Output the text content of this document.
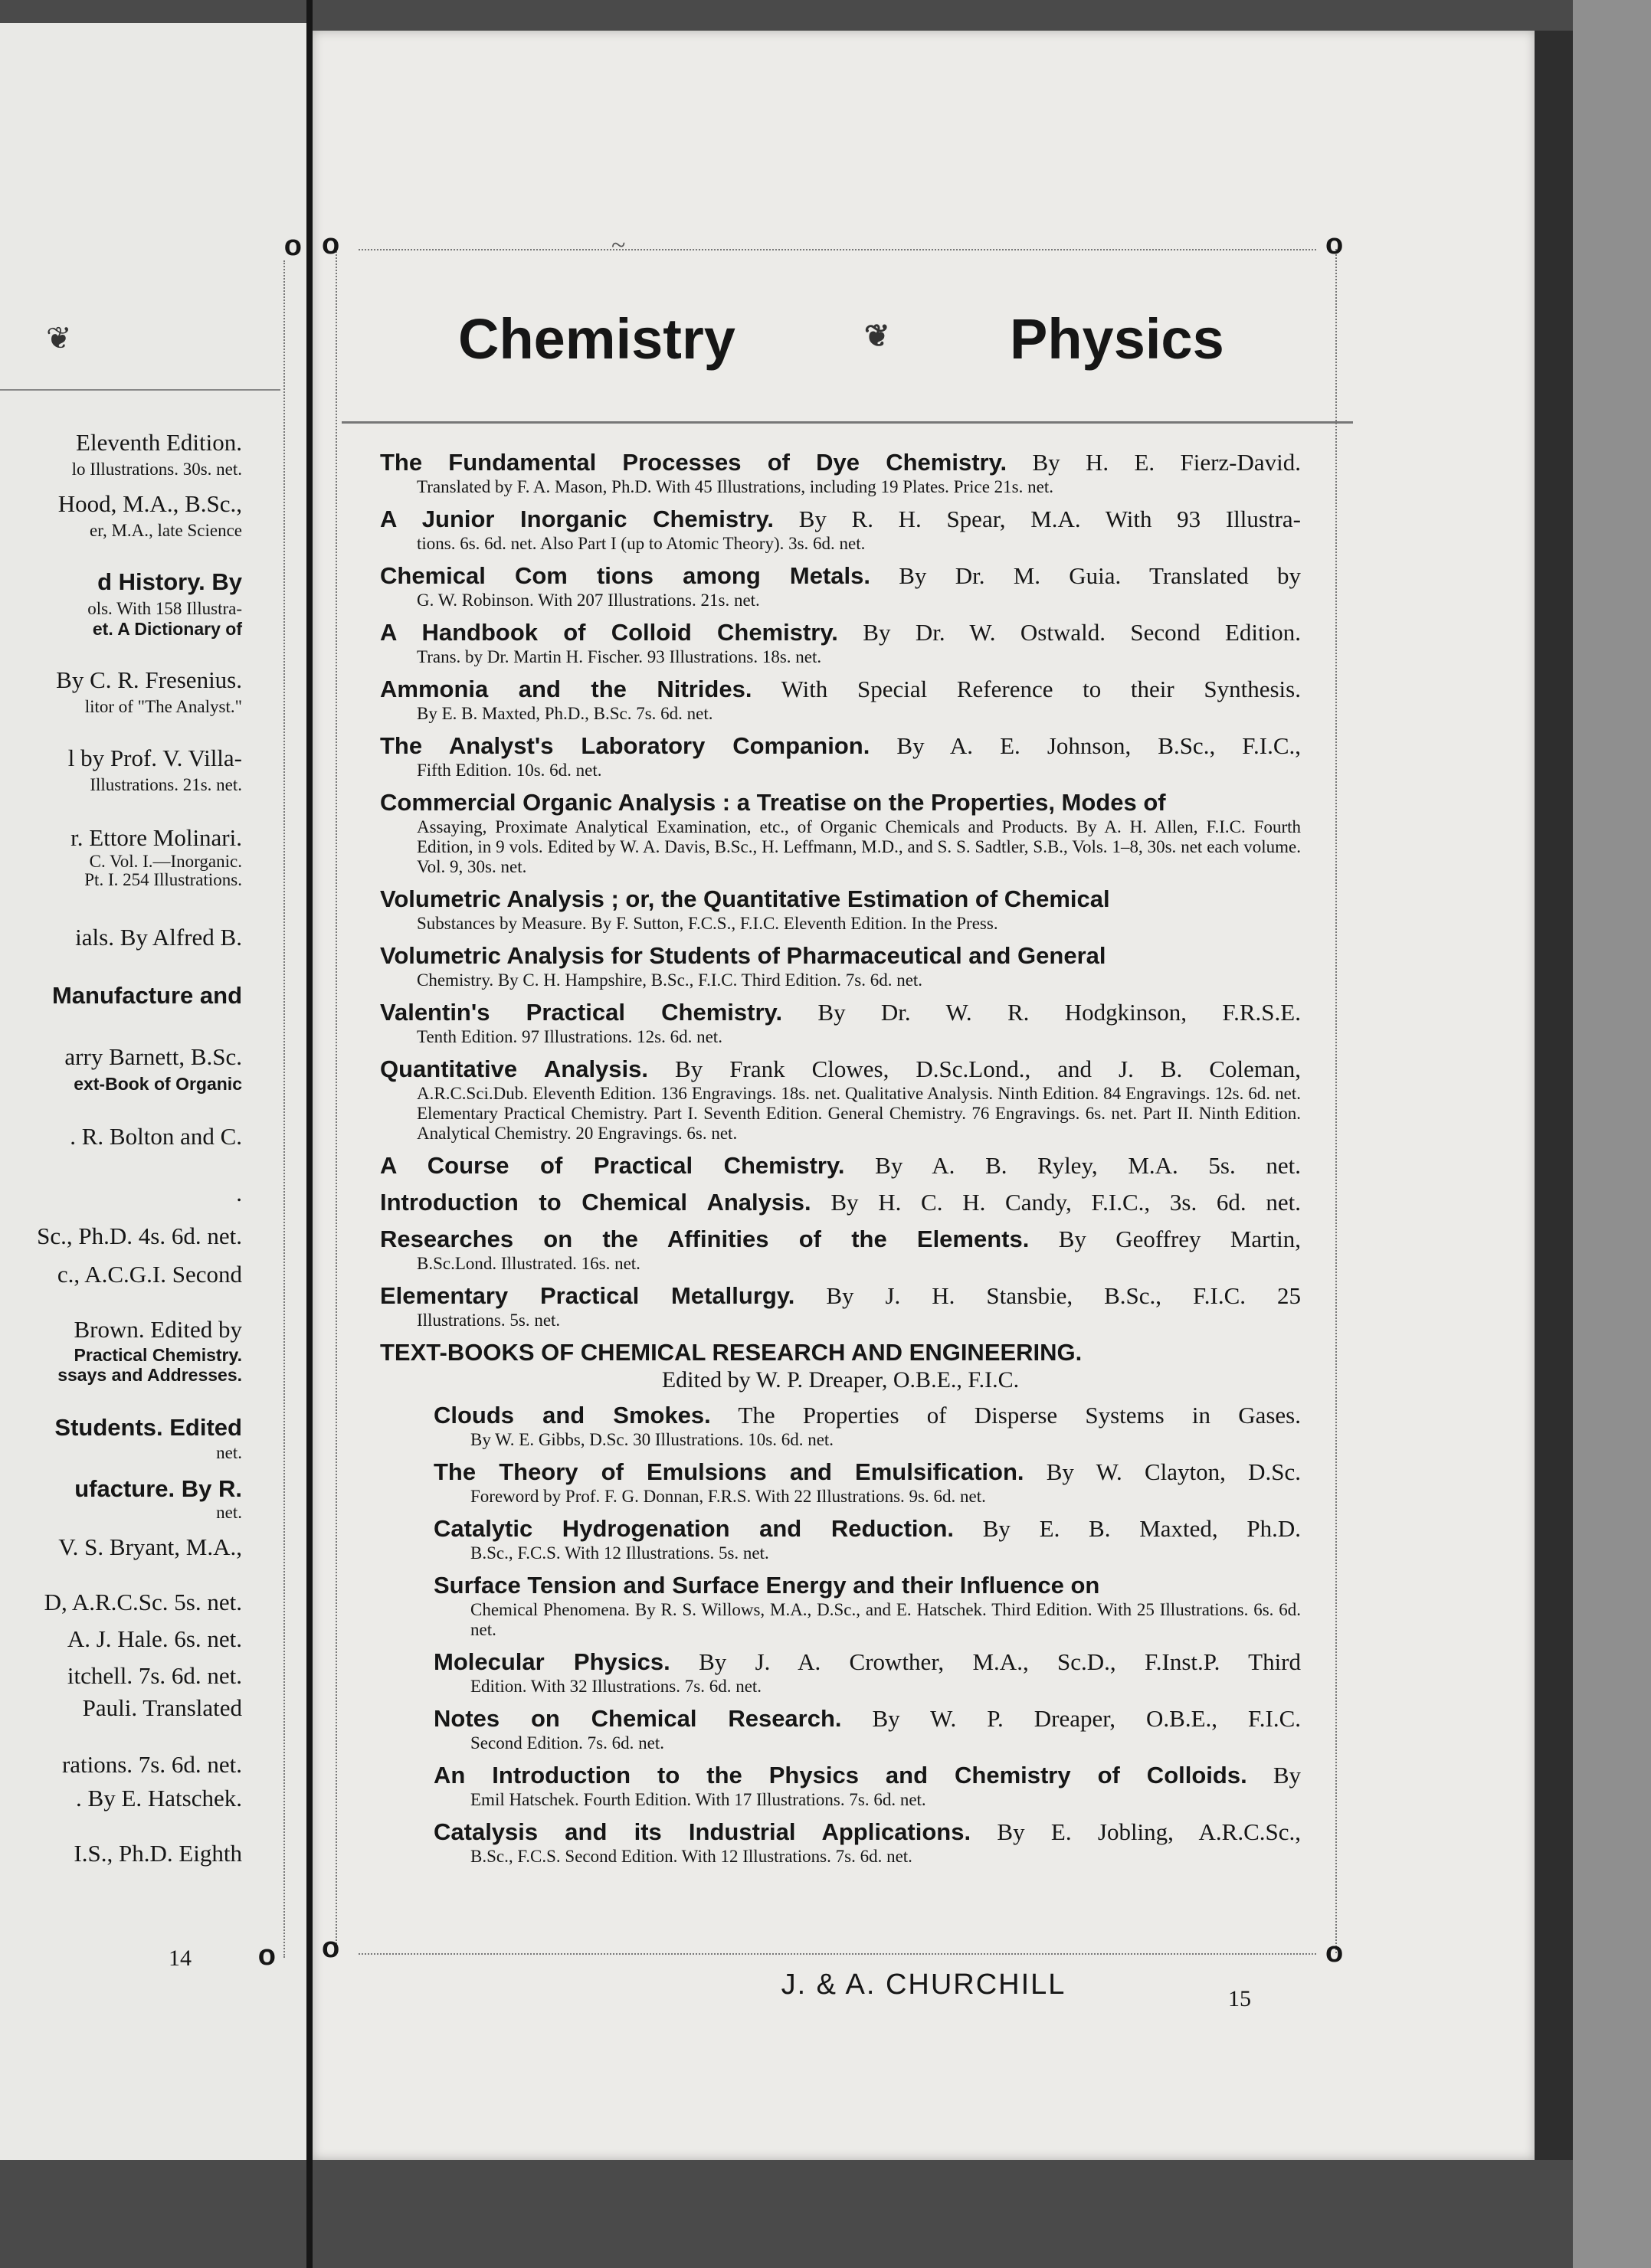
Eleventh Edition.
lo Illustrations. 30s. net.
Hood, M.A., B.Sc.,
er, M.A., late Science
d History. By
ols. With 158 Illustra-
et. A Dictionary of
By C. R. Fresenius.
litor of "The Analyst."
l by Prof. V. Villa-
Illustrations. 21s. net.
r. Ettore Molinari.
C. Vol. I.—Inorganic.
Pt. I. 254 Illustrations.
ials. By Alfred B.
Manufacture and
arry Barnett, B.Sc.
ext-Book of Organic
. R. Bolton and C.
.
Sc., Ph.D. 4s. 6d. net.
c., A.C.G.I. Second
Brown. Edited by
Practical Chemistry.
ssays and Addresses.
Students. Edited
net.
ufacture. By R.
net.
V. S. Bryant, M.A.,
D, A.R.C.Sc. 5s. net.
A. J. Hale. 6s. net.
itchell. 7s. 6d. net.
Pauli. Translated
rations. 7s. 6d. net.
. By E. Hatschek.
I.S., Ph.D. Eighth
❦
o
o
14
~
o	o
o	o
Chemistry	❦ Physics
The Fundamental Processes of Dye Chemistry. By H. E. Fierz-David.
Translated by F. A. Mason, Ph.D. With 45 Illustrations, including 19 Plates. Price 21s. net.
A Junior Inorganic Chemistry. By R. H. Spear, M.A. With 93 Illustra-
tions. 6s. 6d. net. Also Part I (up to Atomic Theory). 3s. 6d. net.
Chemical Com tions among Metals. By Dr. M. Guia. Translated by
G. W. Robinson. With 207 Illustrations. 21s. net.
A Handbook of Colloid Chemistry. By Dr. W. Ostwald. Second Edition.
Trans. by Dr. Martin H. Fischer. 93 Illustrations. 18s. net.
Ammonia and the Nitrides. With Special Reference to their Synthesis.
By E. B. Maxted, Ph.D., B.Sc. 7s. 6d. net.
The Analyst's Laboratory Companion. By A. E. Johnson, B.Sc., F.I.C.,
Fifth Edition. 10s. 6d. net.
Commercial Organic Analysis : a Treatise on the Properties, Modes of
Assaying, Proximate Analytical Examination, etc., of Organic Chemicals and Products. By A. H. Allen, F.I.C. Fourth Edition, in 9 vols. Edited by W. A. Davis, B.Sc., H. Leffmann, M.D., and S. S. Sadtler, S.B., Vols. 1–8, 30s. net each volume. Vol. 9, 30s. net.
Volumetric Analysis ; or, the Quantitative Estimation of Chemical
Substances by Measure. By F. Sutton, F.C.S., F.I.C. Eleventh Edition. In the Press.
Volumetric Analysis for Students of Pharmaceutical and General
Chemistry. By C. H. Hampshire, B.Sc., F.I.C. Third Edition. 7s. 6d. net.
Valentin's Practical Chemistry. By Dr. W. R. Hodgkinson, F.R.S.E.
Tenth Edition. 97 Illustrations. 12s. 6d. net.
Quantitative Analysis. By Frank Clowes, D.Sc.Lond., and J. B. Coleman,
A.R.C.Sci.Dub. Eleventh Edition. 136 Engravings. 18s. net. Qualitative Analysis. Ninth Edition. 84 Engravings. 12s. 6d. net. Elementary Practical Chemistry. Part I. Seventh Edition. General Chemistry. 76 Engravings. 6s. net. Part II. Ninth Edition. Analytical Chemistry. 20 Engravings. 6s. net.
A Course of Practical Chemistry. By A. B. Ryley, M.A. 5s. net.
Introduction to Chemical Analysis. By H. C. H. Candy, F.I.C., 3s. 6d. net.
Researches on the Affinities of the Elements. By Geoffrey Martin,
B.Sc.Lond. Illustrated. 16s. net.
Elementary Practical Metallurgy. By J. H. Stansbie, B.Sc., F.I.C. 25
Illustrations. 5s. net.
TEXT-BOOKS OF CHEMICAL RESEARCH AND ENGINEERING.
Edited by W. P. Dreaper, O.B.E., F.I.C.
Clouds and Smokes. The Properties of Disperse Systems in Gases.
By W. E. Gibbs, D.Sc. 30 Illustrations. 10s. 6d. net.
The Theory of Emulsions and Emulsification. By W. Clayton, D.Sc.
Foreword by Prof. F. G. Donnan, F.R.S. With 22 Illustrations. 9s. 6d. net.
Catalytic Hydrogenation and Reduction. By E. B. Maxted, Ph.D.
B.Sc., F.C.S. With 12 Illustrations. 5s. net.
Surface Tension and Surface Energy and their Influence on
Chemical Phenomena. By R. S. Willows, M.A., D.Sc., and E. Hatschek. Third Edition. With 25 Illustrations. 6s. 6d. net.
Molecular Physics. By J. A. Crowther, M.A., Sc.D., F.Inst.P. Third
Edition. With 32 Illustrations. 7s. 6d. net.
Notes on Chemical Research. By W. P. Dreaper, O.B.E., F.I.C.
Second Edition. 7s. 6d. net.
An Introduction to the Physics and Chemistry of Colloids. By
Emil Hatschek. Fourth Edition. With 17 Illustrations. 7s. 6d. net.
Catalysis and its Industrial Applications. By E. Jobling, A.R.C.Sc.,
B.Sc., F.C.S. Second Edition. With 12 Illustrations. 7s. 6d. net.
J. & A. CHURCHILL	15
